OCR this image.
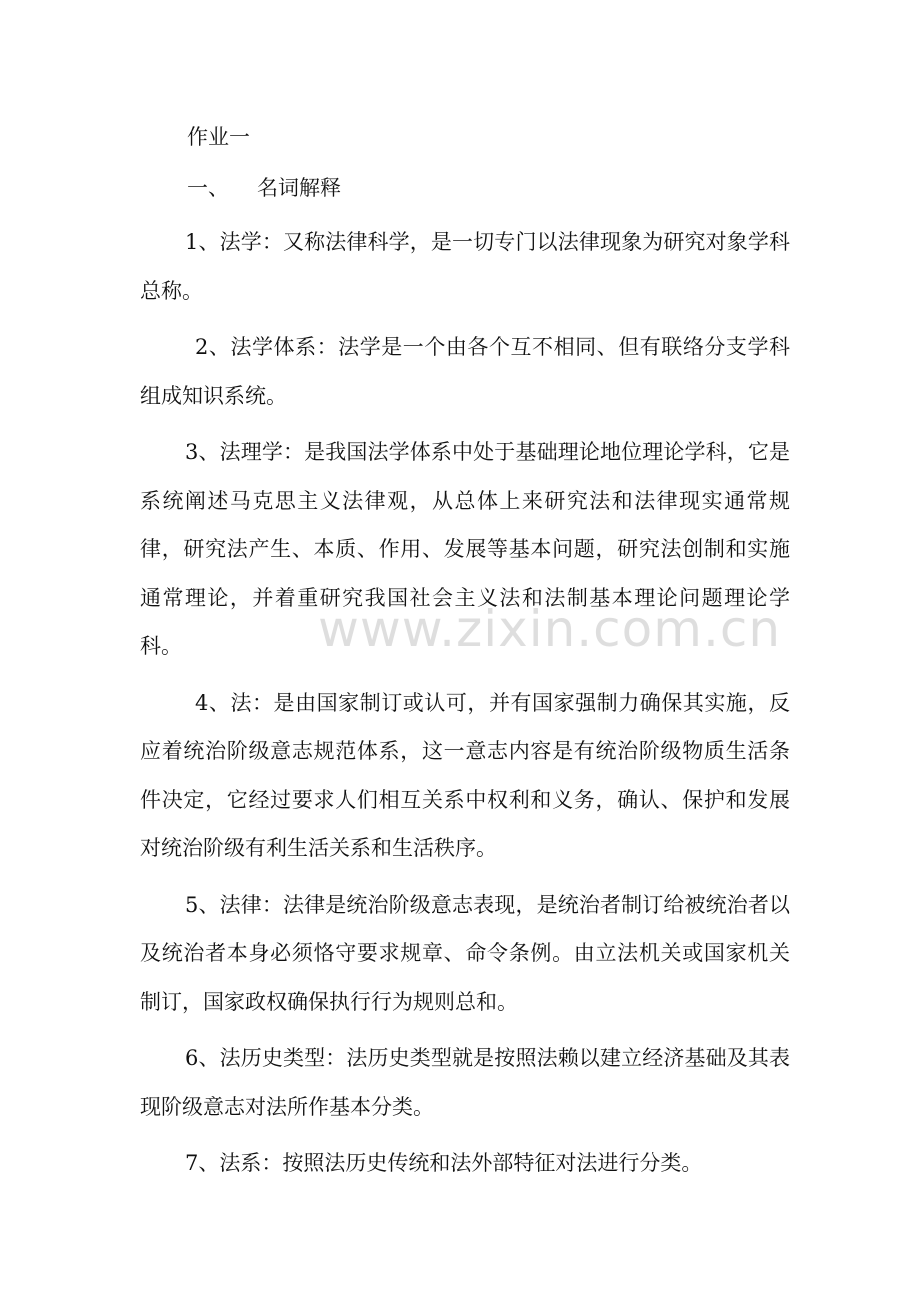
作业一
一、 名词解释

1、法学：又称法律科学，是一切专门以法律现象为研究对象学科总称。

2、法学体系：法学是一个由各个互不相同、但有联络分支学科组成知识系统。

3、法理学：是我国法学体系中处于基础理论地位理论学科，它是系统阐述马克思主义法律观，从总体上来研究法和法律现实通常规律，研究法产生、本质、作用、发展等基本问题，研究法创制和实施通常理论，并着重研究我国社会主义法和法制基本理论问题理论学科。

4、法：是由国家制订或认可，并有国家强制力确保其实施，反应着统治阶级意志规范体系，这一意志内容是有统治阶级物质生活条件决定，它经过要求人们相互关系中权利和义务，确认、保护和发展对统治阶级有利生活关系和生活秩序。

5、法律：法律是统治阶级意志表现，是统治者制订给被统治者以及统治者本身必须恪守要求规章、命令条例。由立法机关或国家机关制订，国家政权确保执行行为规则总和。

6、法历史类型：法历史类型就是按照法赖以建立经济基础及其表现阶级意志对法所作基本分类。

7、法系：按照法历史传统和法外部特征对法进行分类。

www.zixin.com.cn
